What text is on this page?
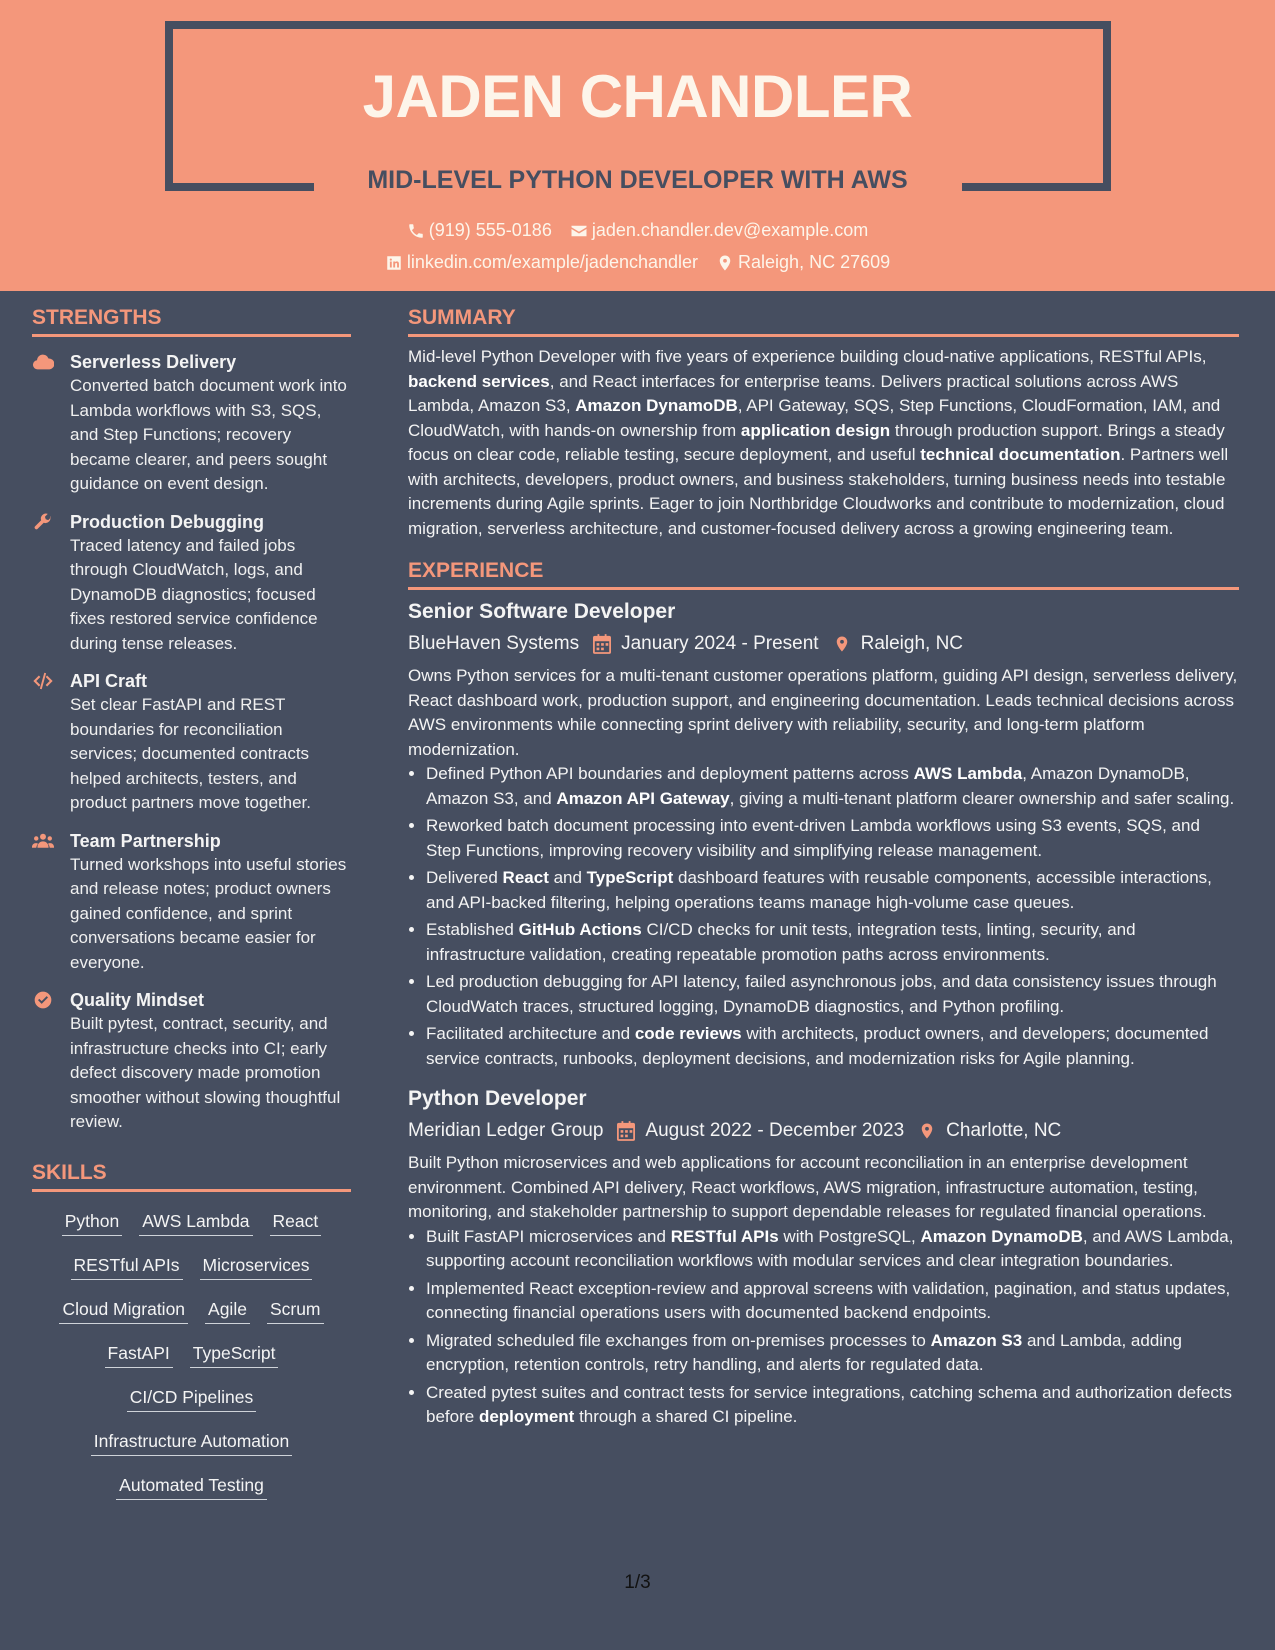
JADEN CHANDLER
MID-LEVEL PYTHON DEVELOPER WITH AWS
(919) 555-0186 jaden.chandler.dev@example.com
linkedin.com/example/jadenchandler Raleigh, NC 27609
STRENGTHS
Serverless Delivery
Converted batch document work into Lambda workflows with S3, SQS, and Step Functions; recovery became clearer, and peers sought guidance on event design.
Production Debugging
Traced latency and failed jobs through CloudWatch, logs, and DynamoDB diagnostics; focused fixes restored service confidence during tense releases.
API Craft
Set clear FastAPI and REST boundaries for reconciliation services; documented contracts helped architects, testers, and product partners move together.
Team Partnership
Turned workshops into useful stories and release notes; product owners gained confidence, and sprint conversations became easier for everyone.
Quality Mindset
Built pytest, contract, security, and infrastructure checks into CI; early defect discovery made promotion smoother without slowing thoughtful review.
SKILLS
Python AWS Lambda React
RESTful APIs Microservices
Cloud Migration Agile Scrum
FastAPI TypeScript
CI/CD Pipelines
Infrastructure Automation
Automated Testing
SUMMARY

Mid-level Python Developer with five years of experience building cloud-native applications, RESTful APIs, backend services, and React interfaces for enterprise teams. Delivers practical solutions across AWS Lambda, Amazon S3, Amazon DynamoDB, API Gateway, SQS, Step Functions, CloudFormation, IAM, and CloudWatch, with hands-on ownership from application design through production support. Brings a steady focus on clear code, reliable testing, secure deployment, and useful technical documentation. Partners well with architects, developers, product owners, and business stakeholders, turning business needs into testable increments during Agile sprints. Eager to join Northbridge Cloudworks and contribute to modernization, cloud migration, serverless architecture, and customer-focused delivery across a growing engineering team.

EXPERIENCE
Senior Software Developer
BlueHaven Systems January 2024 - Present Raleigh, NC

Owns Python services for a multi-tenant customer operations platform, guiding API design, serverless delivery, React dashboard work, production support, and engineering documentation. Leads technical decisions across AWS environments while connecting sprint delivery with reliability, security, and long-term platform modernization.

• Defined Python API boundaries and deployment patterns across AWS Lambda, Amazon DynamoDB, Amazon S3, and Amazon API Gateway, giving a multi-tenant platform clearer ownership and safer scaling.
• Reworked batch document processing into event-driven Lambda workflows using S3 events, SQS, and Step Functions, improving recovery visibility and simplifying release management.
• Delivered React and TypeScript dashboard features with reusable components, accessible interactions, and API-backed filtering, helping operations teams manage high-volume case queues.
• Established GitHub Actions CI/CD checks for unit tests, integration tests, linting, security, and infrastructure validation, creating repeatable promotion paths across environments.
• Led production debugging for API latency, failed asynchronous jobs, and data consistency issues through CloudWatch traces, structured logging, DynamoDB diagnostics, and Python profiling.
• Facilitated architecture and code reviews with architects, product owners, and developers; documented service contracts, runbooks, deployment decisions, and modernization risks for Agile planning.
Python Developer
Meridian Ledger Group August 2022 - December 2023 Charlotte, NC

Built Python microservices and web applications for account reconciliation in an enterprise development environment. Combined API delivery, React workflows, AWS migration, infrastructure automation, testing, monitoring, and stakeholder partnership to support dependable releases for regulated financial operations.

• Built FastAPI microservices and RESTful APIs with PostgreSQL, Amazon DynamoDB, and AWS Lambda, supporting account reconciliation workflows with modular services and clear integration boundaries.
• Implemented React exception-review and approval screens with validation, pagination, and status updates, connecting financial operations users with documented backend endpoints.
• Migrated scheduled file exchanges from on-premises processes to Amazon S3 and Lambda, adding encryption, retention controls, retry handling, and alerts for regulated data.
• Created pytest suites and contract tests for service integrations, catching schema and authorization defects before deployment through a shared CI pipeline.
1/3
